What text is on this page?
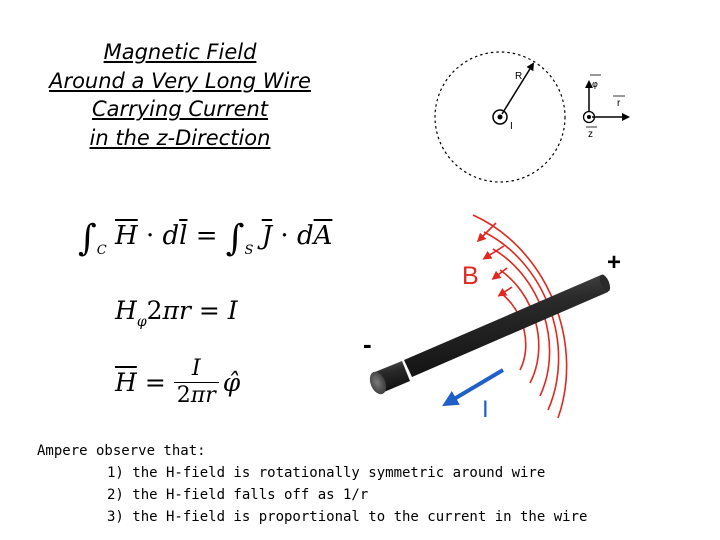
Magnetic Field
Around a Very Long Wire
Carrying Current
in the z-Direction
R
I
φ
r
z
B	+
-
I
$\int_C$ $\overline{H} \cdot d\overline{l} = \int_S$ $\overline{J} \cdot d\overline{A}$
$H_\varphi 2\pi r = I$
$\overline{H} = \frac{I}{2\pi r}$ φ̂
Ampere observe that:
1) the H-field is rotationally symmetric around wire
2) the H-field falls off as 1/r
3) the H-field is proportional to the current in the wire
